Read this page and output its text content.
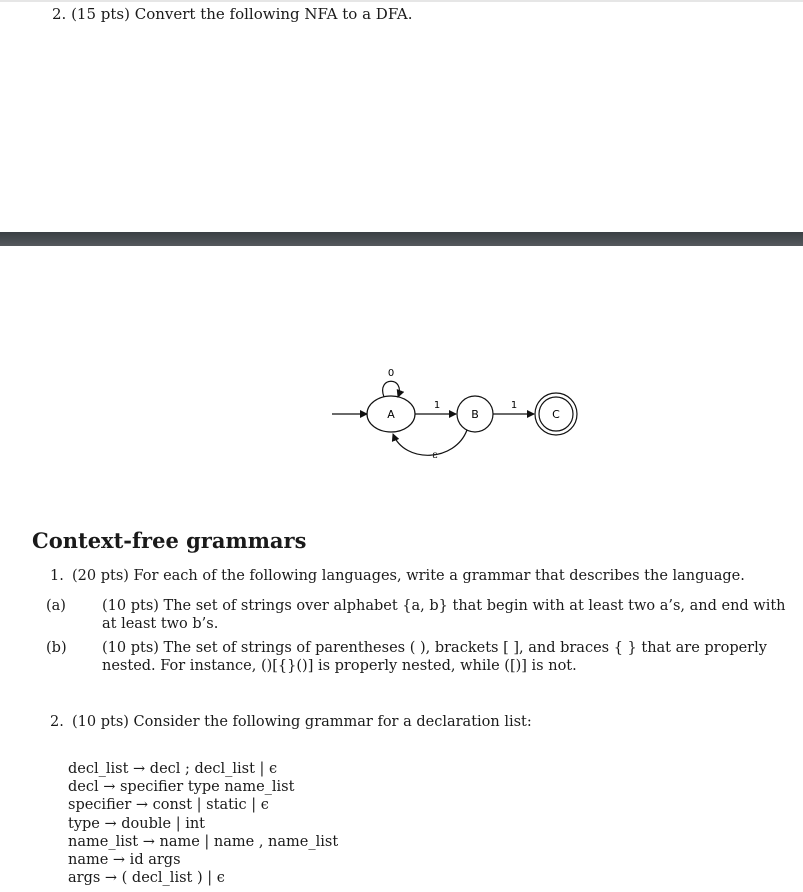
2. (15 pts) Convert the following NFA to a DFA.
A
0
1
B
1
C
ε
Context-free grammars
1. (20 pts) For each of the following languages, write a grammar that describes the language.
(a) (10 pts) The set of strings over alphabet {a, b} that begin with at least two a’s, and end with at least two b’s.
(b) (10 pts) The set of strings of parentheses ( ), brackets [ ], and braces { } that are properly nested. For instance, ()[{}()] is properly nested, while ([)] is not.
2. (10 pts) Consider the following grammar for a declaration list:
decl_list → decl ; decl_list | ϵ
decl → specifier type name_list
specifier → const | static | ϵ
type → double | int
name_list → name | name , name_list
name → id args
args → ( decl_list ) | ϵ
